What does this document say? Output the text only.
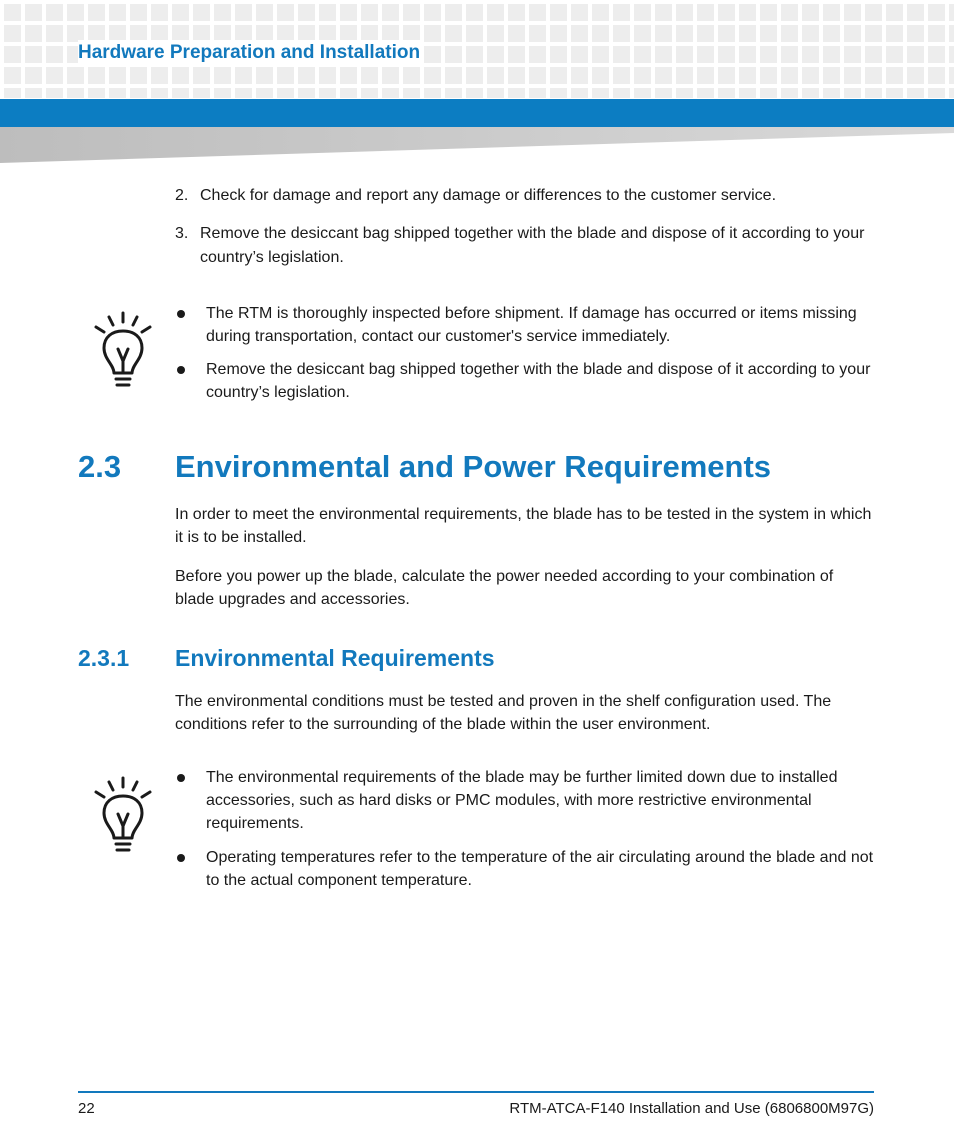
Hardware Preparation and Installation
2. Check for damage and report any damage or differences to the customer service.
3. Remove the desiccant bag shipped together with the blade and dispose of it according to your country’s legislation.
The RTM is thoroughly inspected before shipment. If damage has occurred or items missing during transportation, contact our customer's service immediately.
Remove the desiccant bag shipped together with the blade and dispose of it according to your country’s legislation.
2.3 Environmental and Power Requirements
In order to meet the environmental requirements, the blade has to be tested in the system in which it is to be installed.
Before you power up the blade, calculate the power needed according to your combination of blade upgrades and accessories.
2.3.1 Environmental Requirements
The environmental conditions must be tested and proven in the shelf configuration used. The conditions refer to the surrounding of the blade within the user environment.
The environmental requirements of the blade may be further limited down due to installed accessories, such as hard disks or PMC modules, with more restrictive environmental requirements.
Operating temperatures refer to the temperature of the air circulating around the blade and not to the actual component temperature.
22	RTM-ATCA-F140 Installation and Use (6806800M97G)
